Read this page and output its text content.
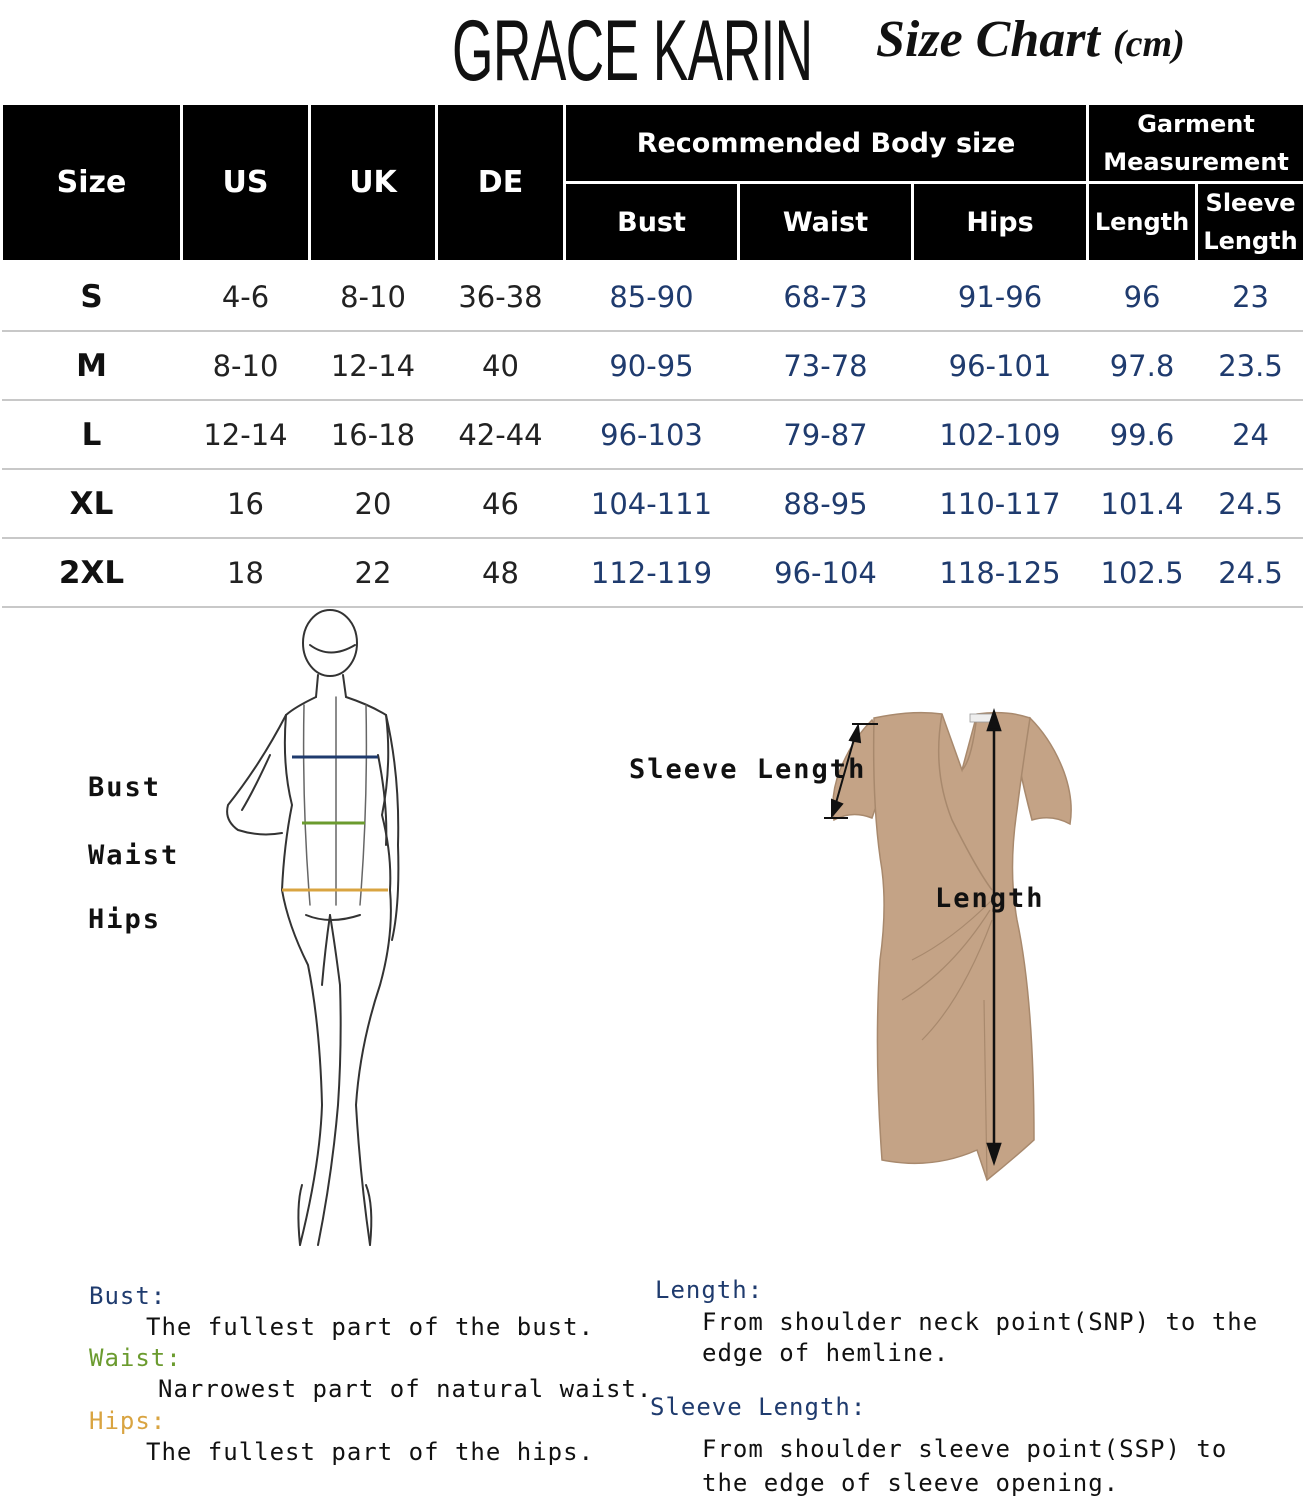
GRACE KARIN Size Chart (cm)
Size	US	UK	DE	Recommended Body size			Garment Measurement	
				Bust	Waist	Hips	Length	Sleeve Length
S	4-6	8-10	36-38	85-90	68-73	91-96	96	23
M	8-10	12-14	40	90-95	73-78	96-101	97.8	23.5
L	12-14	16-18	42-44	96-103	79-87	102-109	99.6	24
XL	16	20	46	104-111	88-95	110-117	101.4	24.5
2XL	18	22	48	112-119	96-104	118-125	102.5	24.5
Bust
Waist
Hips
Sleeve Length
Length
Bust:
The fullest part of the bust.
Waist:
Narrowest part of natural waist.
Hips:
The fullest part of the hips.
Length:
From shoulder neck point(SNP) to the
edge of hemline.
Sleeve Length:
From shoulder sleeve point(SSP) to
the edge of sleeve opening.
